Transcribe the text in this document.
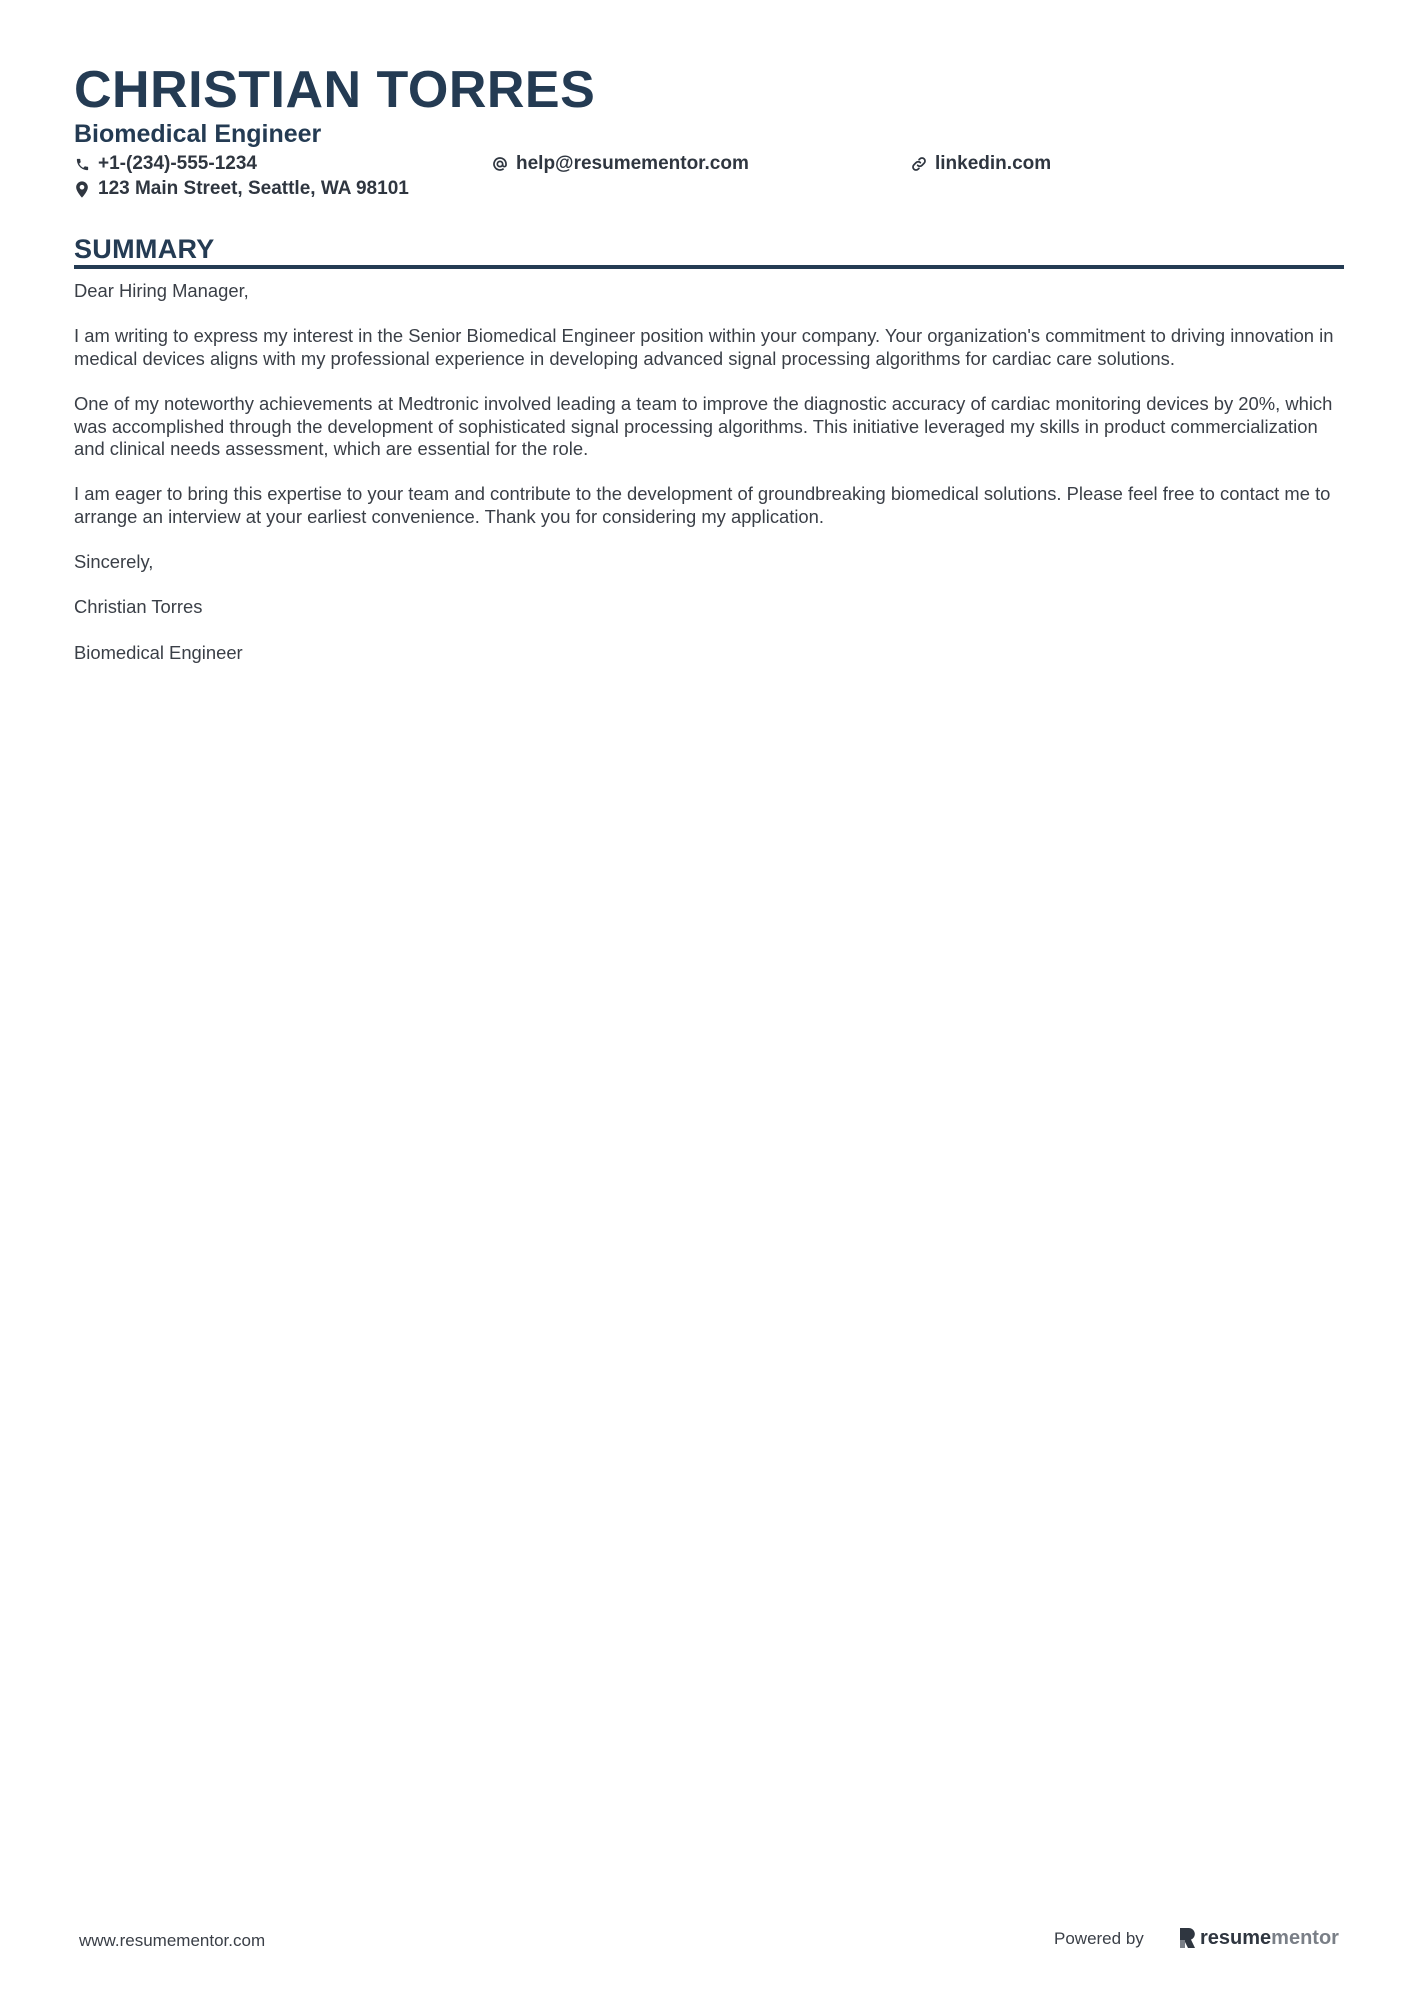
CHRISTIAN TORRES
Biomedical Engineer
+1-(234)-555-1234	help@resumementor.com	linkedin.com
123 Main Street, Seattle, WA 98101
SUMMARY

Dear Hiring Manager,

I am writing to express my interest in the Senior Biomedical Engineer position within your company. Your organization's commitment to driving innovation in medical devices aligns with my professional experience in developing advanced signal processing algorithms for cardiac care solutions.

One of my noteworthy achievements at Medtronic involved leading a team to improve the diagnostic accuracy of cardiac monitoring devices by 20%, which was accomplished through the development of sophisticated signal processing algorithms. This initiative leveraged my skills in product commercialization and clinical needs assessment, which are essential for the role.

I am eager to bring this expertise to your team and contribute to the development of groundbreaking biomedical solutions. Please feel free to contact me to arrange an interview at your earliest convenience. Thank you for considering my application.

Sincerely,

Christian Torres

Biomedical Engineer

www.resumementor.com	Powered by	resume mentor
